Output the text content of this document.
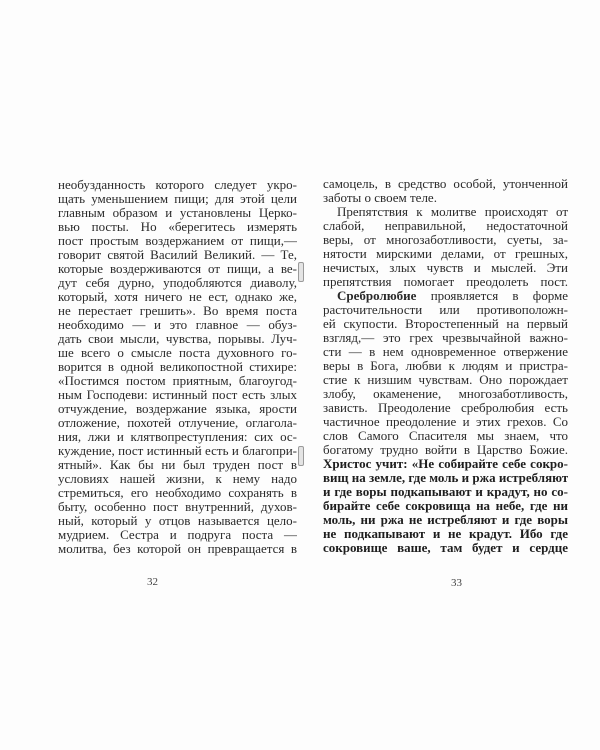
необузданность которого следует укро-
щать уменьшением пищи; для этой цели
главным образом и установлены Церко-
вью посты. Но «берегитесь измерять
пост простым воздержанием от пищи,—
говорит святой Василий Великий. — Те,
которые воздерживаются от пищи, а ве-
дут себя дурно, уподобляются диаволу,
который, хотя ничего не ест, однако же,
не перестает грешить». Во время поста
необходимо — и это главное — обуз-
дать свои мысли, чувства, порывы. Луч-
ше всего о смысле поста духовного го-
ворится в одной великопостной стихире:
«Постимся постом приятным, благоугод-
ным Господеви: истинный пост есть злых
отчуждение, воздержание языка, ярости
отложение, похотей отлучение, оглагола-
ния, лжи и клятвопреступления: сих ос-
куждение, пост истинный есть и благопри-
ятный». Как бы ни был труден пост в
условиях нашей жизни, к нему надо
стремиться, его необходимо сохранять в
быту, особенно пост внутренний, духов-
ный, который у отцов называется цело-
мудрием. Сестра и подруга поста —
молитва, без которой он превращается в
самоцель, в средство особой, утонченной
заботы о своем теле.
Препятствия к молитве происходят от
слабой, неправильной, недостаточной
веры, от многозаботливости, суеты, за-
нятости мирскими делами, от грешных,
нечистых, злых чувств и мыслей. Эти
препятствия помогает преодолеть пост.
Сребролюбие проявляется в форме
расточительности или противоположн-
ей скупости. Второстепенный на первый
взгляд,— это грех чрезвычайной важно-
сти — в нем одновременное отвержение
веры в Бога, любви к людям и пристра-
стие к низшим чувствам. Оно порождает
злобу, окаменение, многозаботливость,
зависть. Преодоление сребролюбия есть
частичное преодоление и этих грехов. Со
слов Самого Спасителя мы знаем, что
богатому трудно войти в Царство Божие.
Христос учит: «Не собирайте себе сокро-
вищ на земле, где моль и ржа истребляют
и где воры подкапывают и крадут, но со-
бирайте себе сокровища на небе, где ни
моль, ни ржа не истребляют и где воры
не подкапывают и не крадут. Ибо где
сокровище ваше, там будет и сердце
32	33
